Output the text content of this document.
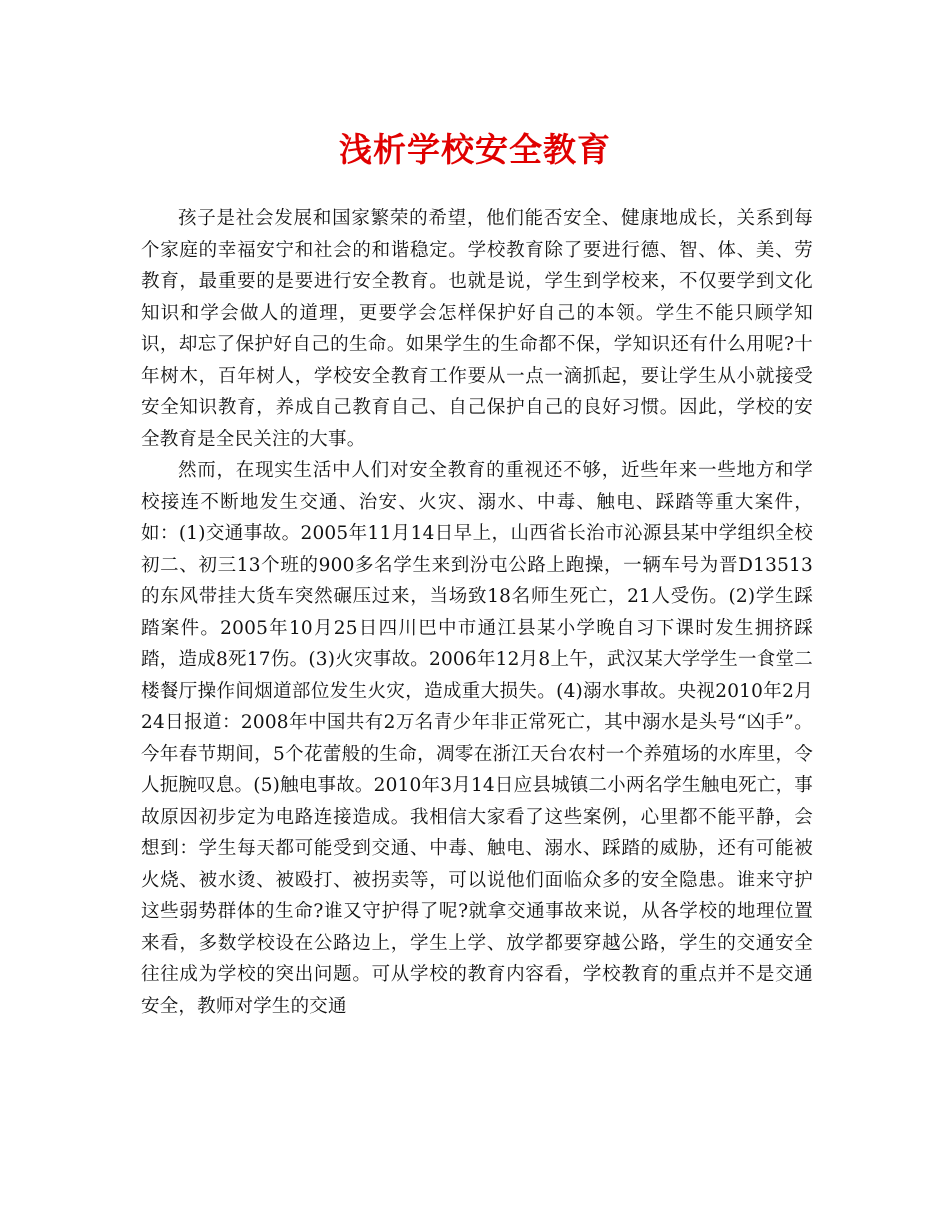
浅析学校安全教育

孩子是社会发展和国家繁荣的希望，他们能否安全、健康地成长，关系到每个家庭的幸福安宁和社会的和谐稳定。学校教育除了要进行德、智、体、美、劳教育，最重要的是要进行安全教育。也就是说，学生到学校来，不仅要学到文化知识和学会做人的道理，更要学会怎样保护好自己的本领。学生不能只顾学知识，却忘了保护好自己的生命。如果学生的生命都不保，学知识还有什么用呢?十年树木，百年树人，学校安全教育工作要从一点一滴抓起，要让学生从小就接受安全知识教育，养成自己教育自己、自己保护自己的良好习惯。因此，学校的安全教育是全民关注的大事。

然而，在现实生活中人们对安全教育的重视还不够，近些年来一些地方和学校接连不断地发生交通、治安、火灾、溺水、中毒、触电、踩踏等重大案件，如：(1)交通事故。2005年11月14日早上，山西省长治市沁源县某中学组织全校初二、初三13个班的900多名学生来到汾屯公路上跑操，一辆车号为晋D13513的东风带挂大货车突然碾压过来，当场致18名师生死亡，21人受伤。(2)学生踩踏案件。2005年10月25日四川巴中市通江县某小学晚自习下课时发生拥挤踩踏，造成8死17伤。(3)火灾事故。2006年12月8上午，武汉某大学学生一食堂二楼餐厅操作间烟道部位发生火灾，造成重大损失。(4)溺水事故。央视2010年2月24日报道：2008年中国共有2万名青少年非正常死亡，其中溺水是头号“凶手”。今年春节期间，5个花蕾般的生命，凋零在浙江天台农村一个养殖场的水库里，令人扼腕叹息。(5)触电事故。2010年3月14日应县城镇二小两名学生触电死亡，事故原因初步定为电路连接造成。我相信大家看了这些案例，心里都不能平静，会想到：学生每天都可能受到交通、中毒、触电、溺水、踩踏的威胁，还有可能被火烧、被水烫、被殴打、被拐卖等，可以说他们面临众多的安全隐患。谁来守护这些弱势群体的生命?谁又守护得了呢?就拿交通事故来说，从各学校的地理位置来看，多数学校设在公路边上，学生上学、放学都要穿越公路，学生的交通安全往往成为学校的突出问题。可从学校的教育内容看，学校教育的重点并不是交通安全，教师对学生的交通
